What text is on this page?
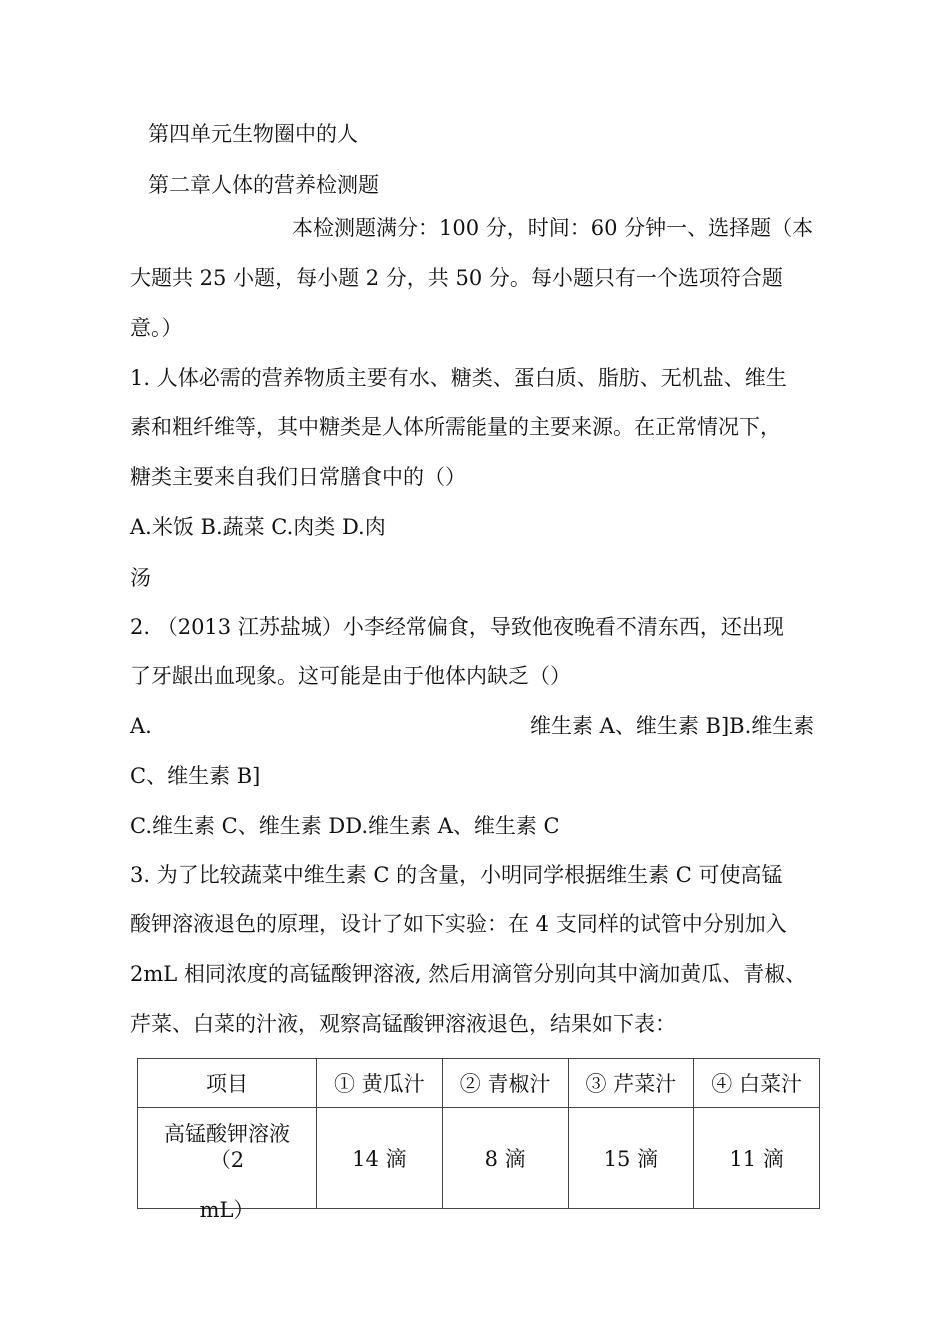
第四单元生物圈中的人
第二章人体的营养检测题
本检测题满分：100 分，时间：60 分钟一、选择题（本
大题共 25 小题，每小题 2 分，共 50 分。每小题只有一个选项符合题
意。）
1. 人体必需的营养物质主要有水、糖类、蛋白质、脂肪、无机盐、维生
素和粗纤维等，其中糖类是人体所需能量的主要来源。在正常情况下，
糖类主要来自我们日常膳食中的（）
A.米饭 B.蔬菜 C.肉类 D.肉
汤
2. （2013 江苏盐城）小李经常偏食，导致他夜晚看不清东西，还出现
了牙龈出血现象。这可能是由于他体内缺乏（）
A.	维生素 A、维生素 B]B.维生素
C、维生素 B]
C.维生素 C、维生素 DD.维生素 A、维生素 C
3. 为了比较蔬菜中维生素 C 的含量，小明同学根据维生素 C 可使高锰
酸钾溶液退色的原理，设计了如下实验：在 4 支同样的试管中分别加入
2mL 相同浓度的高锰酸钾溶液, 然后用滴管分别向其中滴加黄瓜、青椒、
芹菜、白菜的汁液，观察高锰酸钾溶液退色，结果如下表：
项目	① 黄瓜汁	② 青椒汁	③ 芹菜汁	④ 白菜汁

高锰酸钾溶液
（2
mL）	14 滴	8 滴	15 滴	11 滴
